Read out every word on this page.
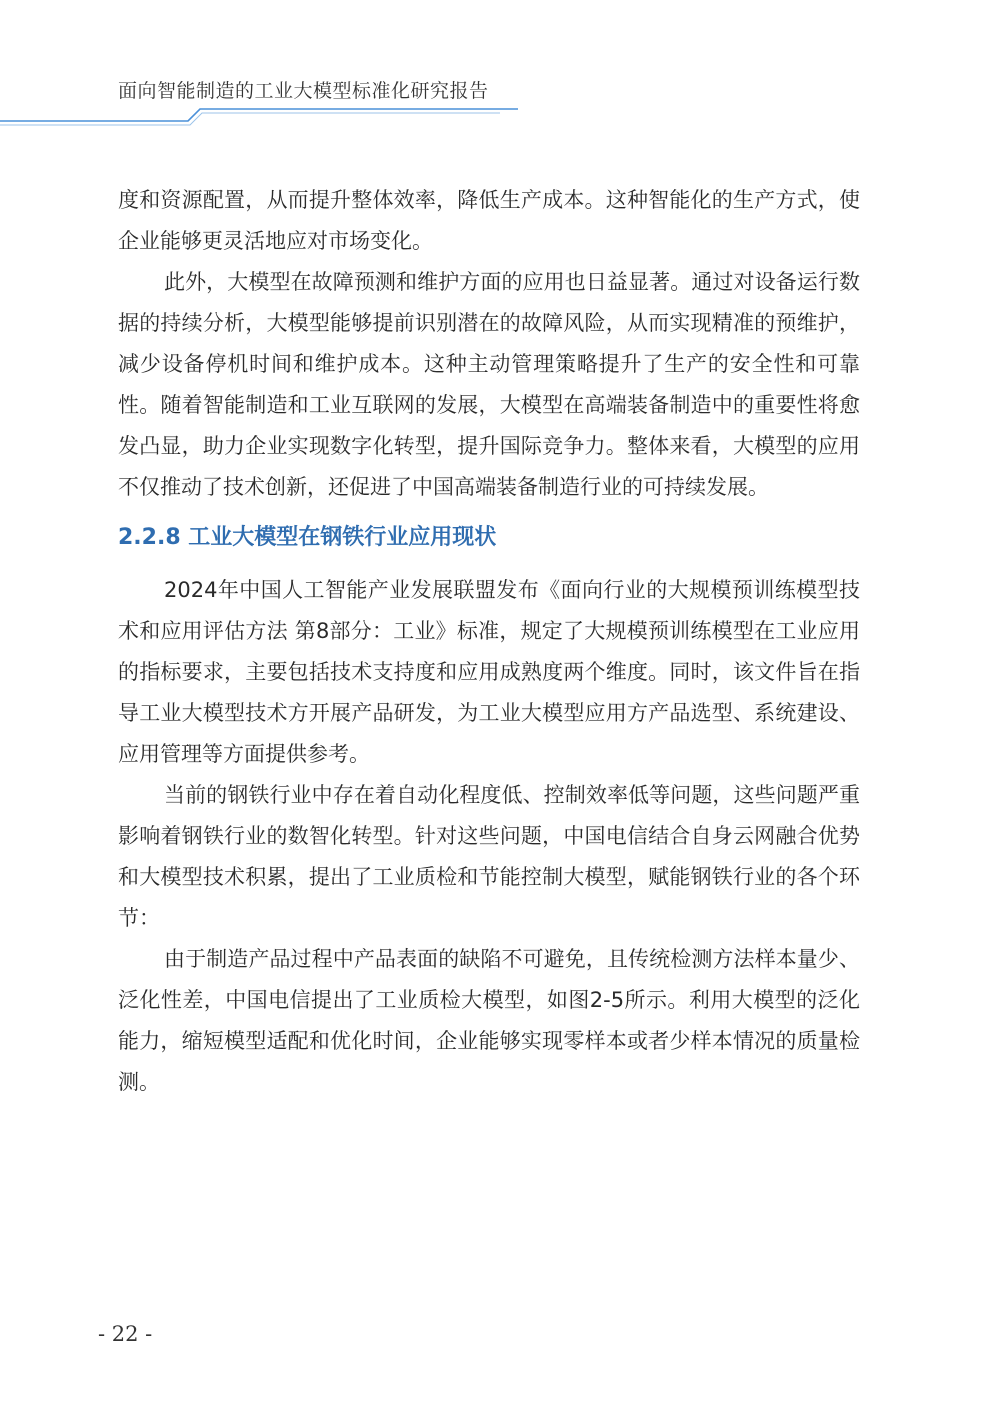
面向智能制造的工业大模型标准化研究报告

度和资源配置，从而提升整体效率，降低生产成本。这种智能化的生产方式，使企业能够更灵活地应对市场变化。

此外，大模型在故障预测和维护方面的应用也日益显著。通过对设备运行数据的持续分析，大模型能够提前识别潜在的故障风险，从而实现精准的预维护，减少设备停机时间和维护成本。这种主动管理策略提升了生产的安全性和可靠性。随着智能制造和工业互联网的发展，大模型在高端装备制造中的重要性将愈发凸显，助力企业实现数字化转型，提升国际竞争力。整体来看，大模型的应用不仅推动了技术创新，还促进了中国高端装备制造行业的可持续发展。

2.2.8 工业大模型在钢铁行业应用现状

2024年中国人工智能产业发展联盟发布《面向行业的大规模预训练模型技术和应用评估方法 第8部分：工业》标准，规定了大规模预训练模型在工业应用的指标要求，主要包括技术支持度和应用成熟度两个维度。同时，该文件旨在指导工业大模型技术方开展产品研发，为工业大模型应用方产品选型、系统建设、应用管理等方面提供参考。

当前的钢铁行业中存在着自动化程度低、控制效率低等问题，这些问题严重影响着钢铁行业的数智化转型。针对这些问题，中国电信结合自身云网融合优势和大模型技术积累，提出了工业质检和节能控制大模型，赋能钢铁行业的各个环节：

由于制造产品过程中产品表面的缺陷不可避免，且传统检测方法样本量少、泛化性差，中国电信提出了工业质检大模型，如图2-5所示。利用大模型的泛化能力，缩短模型适配和优化时间，企业能够实现零样本或者少样本情况的质量检测。

- 22 -
